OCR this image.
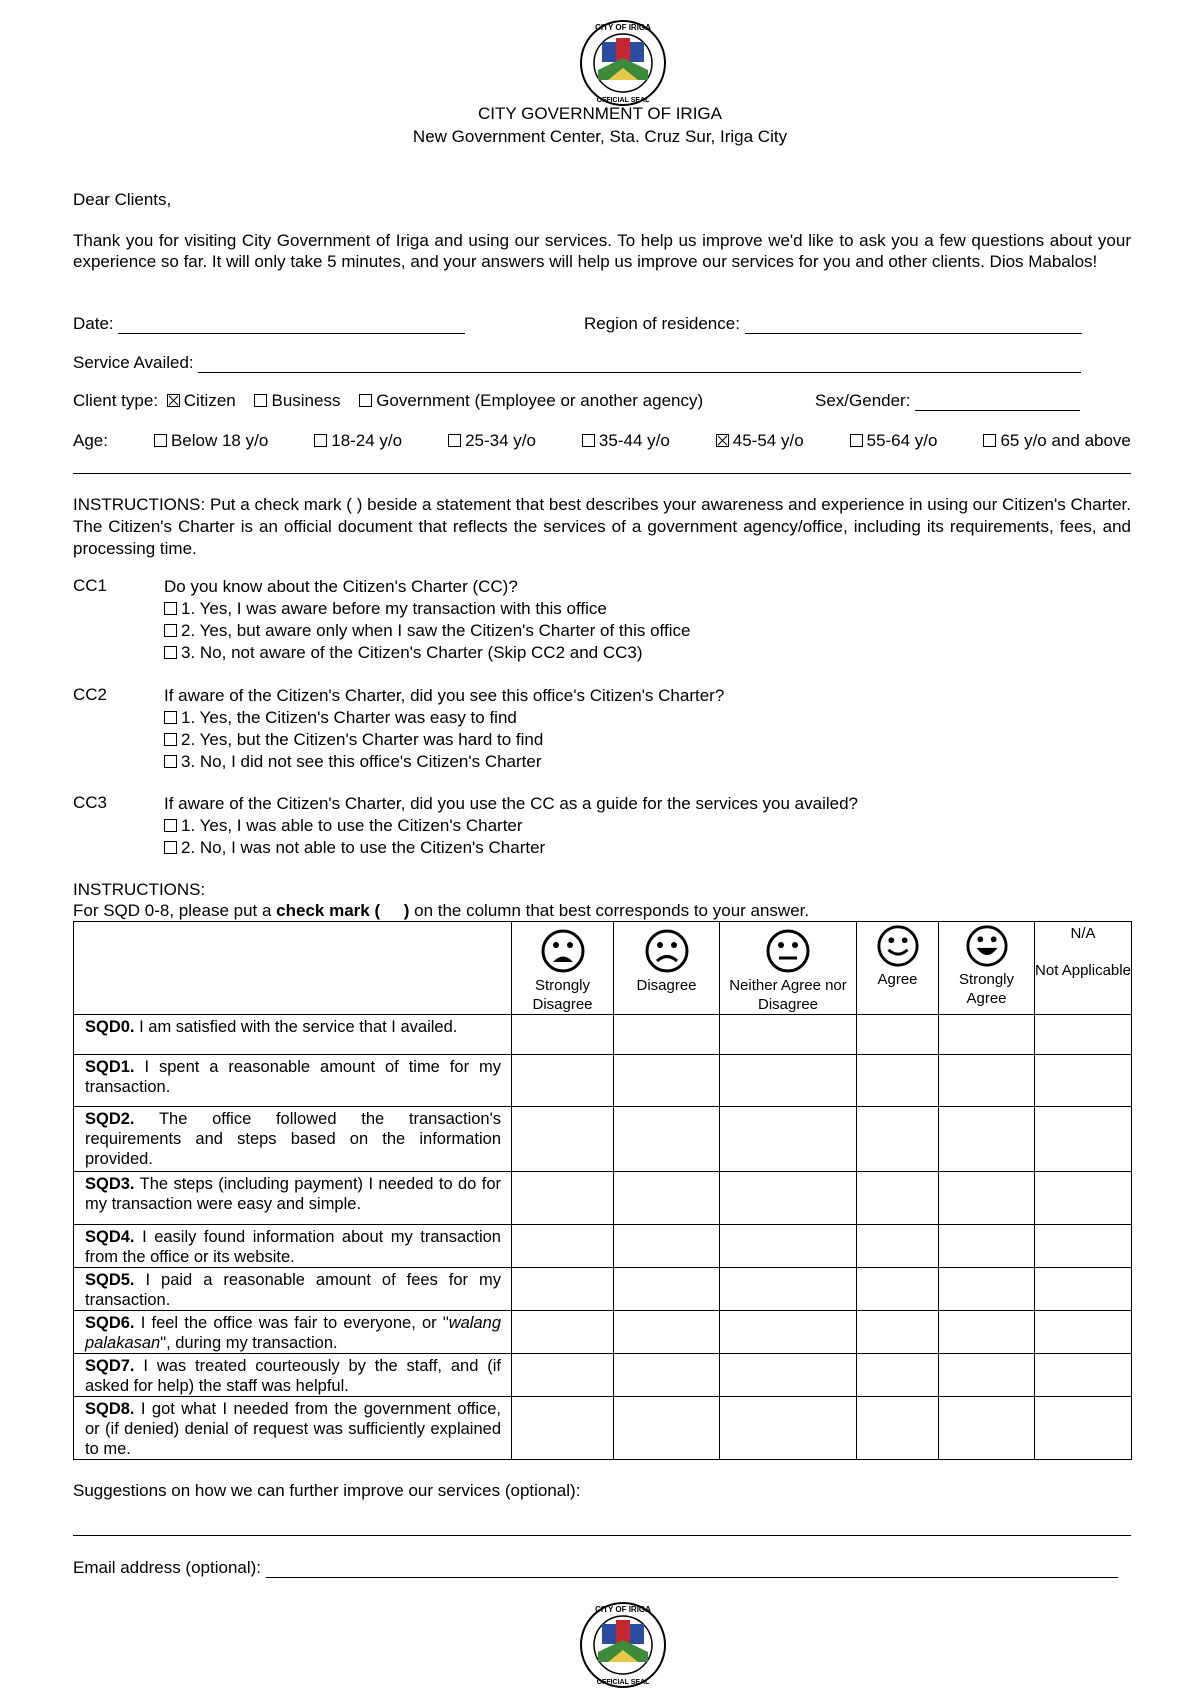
CITY OF IRIGA
OFFICIAL SEAL
CITY GOVERNMENT OF IRIGA
New Government Center, Sta. Cruz Sur, Iriga City
Dear Clients,
Thank you for visiting City Government of Iriga and using our services. To help us improve we'd like to ask you a few questions about your experience so far. It will only take 5 minutes, and your answers will help us improve our services for you and other clients. Dios Mabalos!
Date:	Region of residence:
Service Availed:
Client type: Citizen Business Government (Employee or another agency)	Sex/Gender:
Age:	Below 18 y/o	18-24 y/o	25-34 y/o	35-44 y/o	45-54 y/o	55-64 y/o	65 y/o and above
INSTRUCTIONS: Put a check mark ( ) beside a statement that best describes your awareness and experience in using our Citizen's Charter. The Citizen's Charter is an official document that reflects the services of a government agency/office, including its requirements, fees, and processing time.
CC1	Do you know about the Citizen's Charter (CC)?
1. Yes, I was aware before my transaction with this office
2. Yes, but aware only when I saw the Citizen's Charter of this office
3. No, not aware of the Citizen's Charter (Skip CC2 and CC3)
CC2	If aware of the Citizen's Charter, did you see this office's Citizen's Charter?
1. Yes, the Citizen's Charter was easy to find
2. Yes, but the Citizen's Charter was hard to find
3. No, I did not see this office's Citizen's Charter
CC3	If aware of the Citizen's Charter, did you use the CC as a guide for the services you availed?
1. Yes, I was able to use the Citizen's Charter
2. No, I was not able to use the Citizen's Charter
INSTRUCTIONS:
For SQD 0-8, please put a check mark (     ) on the column that best corresponds to your answer.

Strongly Disagree	Disagree	Neither Agree nor Disagree	Agree	Strongly Agree	N/A
Not Applicable
SQD0. I am satisfied with the service that I availed.						
SQD1. I spent a reasonable amount of time for my transaction.						
SQD2. The office followed the transaction's requirements and steps based on the information provided.						
SQD3. The steps (including payment) I needed to do for my transaction were easy and simple.						
SQD4. I easily found information about my transaction from the office or its website.						
SQD5. I paid a reasonable amount of fees for my transaction.						
SQD6. I feel the office was fair to everyone, or "walang palakasan", during my transaction.						
SQD7. I was treated courteously by the staff, and (if asked for help) the staff was helpful.						
SQD8. I got what I needed from the government office, or (if denied) denial of request was sufficiently explained to me.						
Suggestions on how we can further improve our services (optional):
Email address (optional):
CITY OF IRIGA
OFFICIAL SEAL
